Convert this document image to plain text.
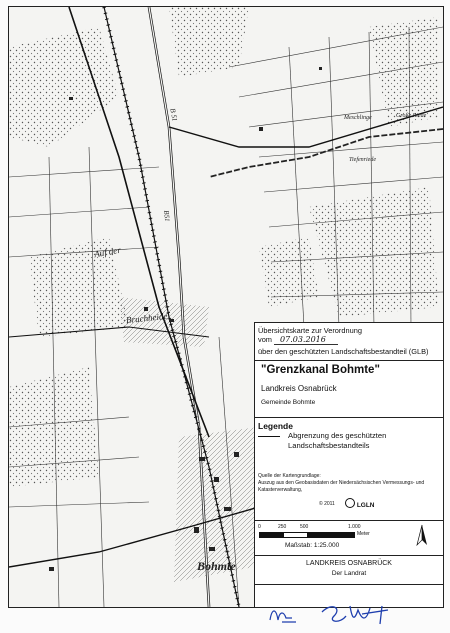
Bruchheide
Bohmte
Meschlinge	Große Riede
Tiefenriede
Auf der
B 51
B51
Übersichtskarte zur Verordnung
vom 07.03.2016
über den geschützten Landschaftsbestandteil (GLB)
"Grenzkanal Bohmte"
Landkreis Osnabrück
Gemeinde Bohmte
Legende
Abgrenzung des geschützten Landschaftsbestandteils
Quelle der Kartengrundlage:
Auszug aus den Geobasisdaten der Niedersächsischen Vermessungs- und Katasterverwaltung,
© 2011	LGLN
0	250	500	1.000
Meter
Maßstab: 1:25.000
LANDKREIS OSNABRÜCK
Der Landrat
